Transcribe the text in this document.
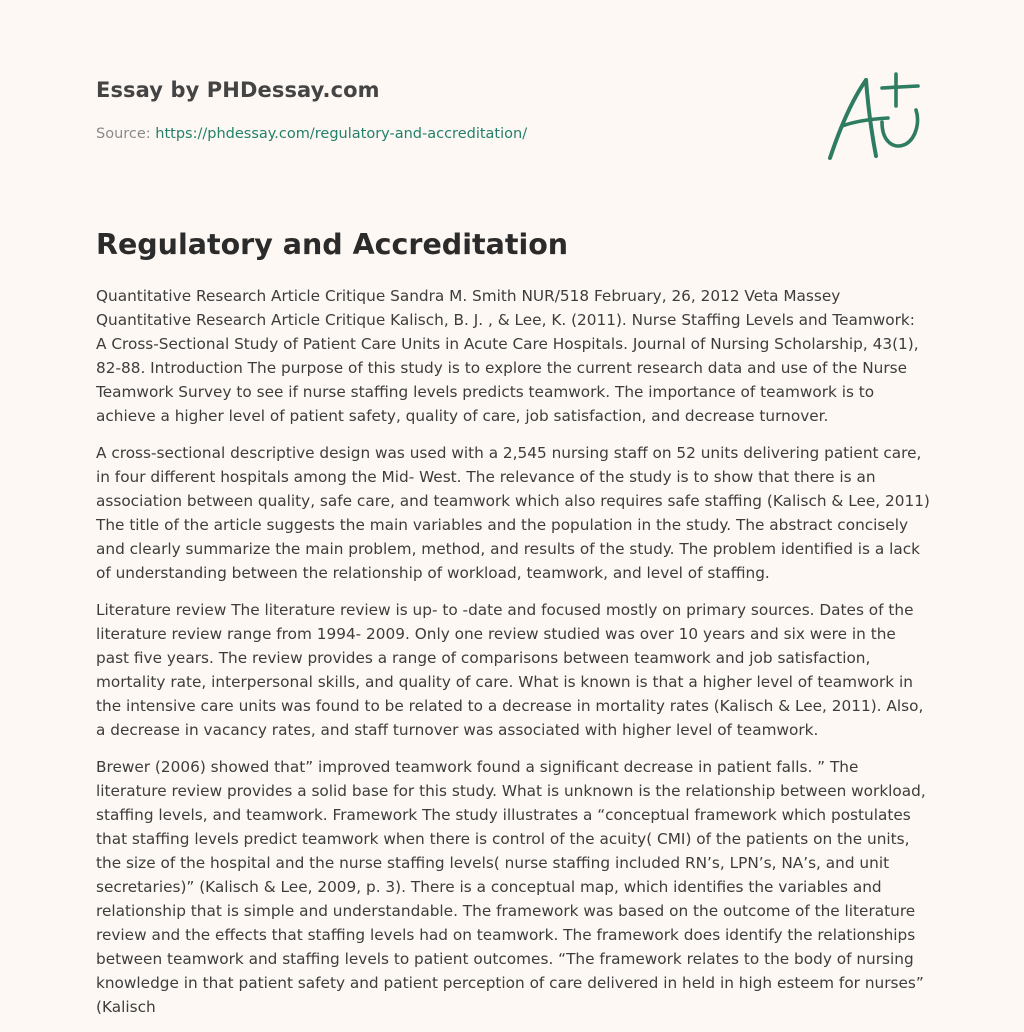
Essay by PHDessay.com
Source: https://phdessay.com/regulatory-and-accreditation/
Regulatory and Accreditation

Quantitative Research Article Critique Sandra M. Smith NUR/518 February, 26, 2012 Veta Massey Quantitative Research Article Critique Kalisch, B. J. , & Lee, K. (2011). Nurse Staffing Levels and Teamwork: A Cross-Sectional Study of Patient Care Units in Acute Care Hospitals. Journal of Nursing Scholarship, 43(1), 82-88. Introduction The purpose of this study is to explore the current research data and use of the Nurse Teamwork Survey to see if nurse staffing levels predicts teamwork. The importance of teamwork is to achieve a higher level of patient safety, quality of care, job satisfaction, and decrease turnover.

A cross-sectional descriptive design was used with a 2,545 nursing staff on 52 units delivering patient care, in four different hospitals among the Mid- West. The relevance of the study is to show that there is an association between quality, safe care, and teamwork which also requires safe staffing (Kalisch & Lee, 2011) The title of the article suggests the main variables and the population in the study. The abstract concisely and clearly summarize the main problem, method, and results of the study. The problem identified is a lack of understanding between the relationship of workload, teamwork, and level of staffing.

Literature review The literature review is up- to -date and focused mostly on primary sources. Dates of the literature review range from 1994- 2009. Only one review studied was over 10 years and six were in the past five years. The review provides a range of comparisons between teamwork and job satisfaction, mortality rate, interpersonal skills, and quality of care. What is known is that a higher level of teamwork in the intensive care units was found to be related to a decrease in mortality rates (Kalisch & Lee, 2011). Also, a decrease in vacancy rates, and staff turnover was associated with higher level of teamwork.

Brewer (2006) showed that” improved teamwork found a significant decrease in patient falls. ” The literature review provides a solid base for this study. What is unknown is the relationship between workload, staffing levels, and teamwork. Framework The study illustrates a “conceptual framework which postulates that staffing levels predict teamwork when there is control of the acuity( CMI) of the patients on the units, the size of the hospital and the nurse staffing levels( nurse staffing included RN’s, LPN’s, NA’s, and unit secretaries)” (Kalisch & Lee, 2009, p. 3). There is a conceptual map, which identifies the variables and relationship that is simple and understandable. The framework was based on the outcome of the literature review and the effects that staffing levels had on teamwork. The framework does identify the relationships between teamwork and staffing levels to patient outcomes. “The framework relates to the body of nursing knowledge in that patient safety and patient perception of care delivered in held in high esteem for nurses” (Kalisch
